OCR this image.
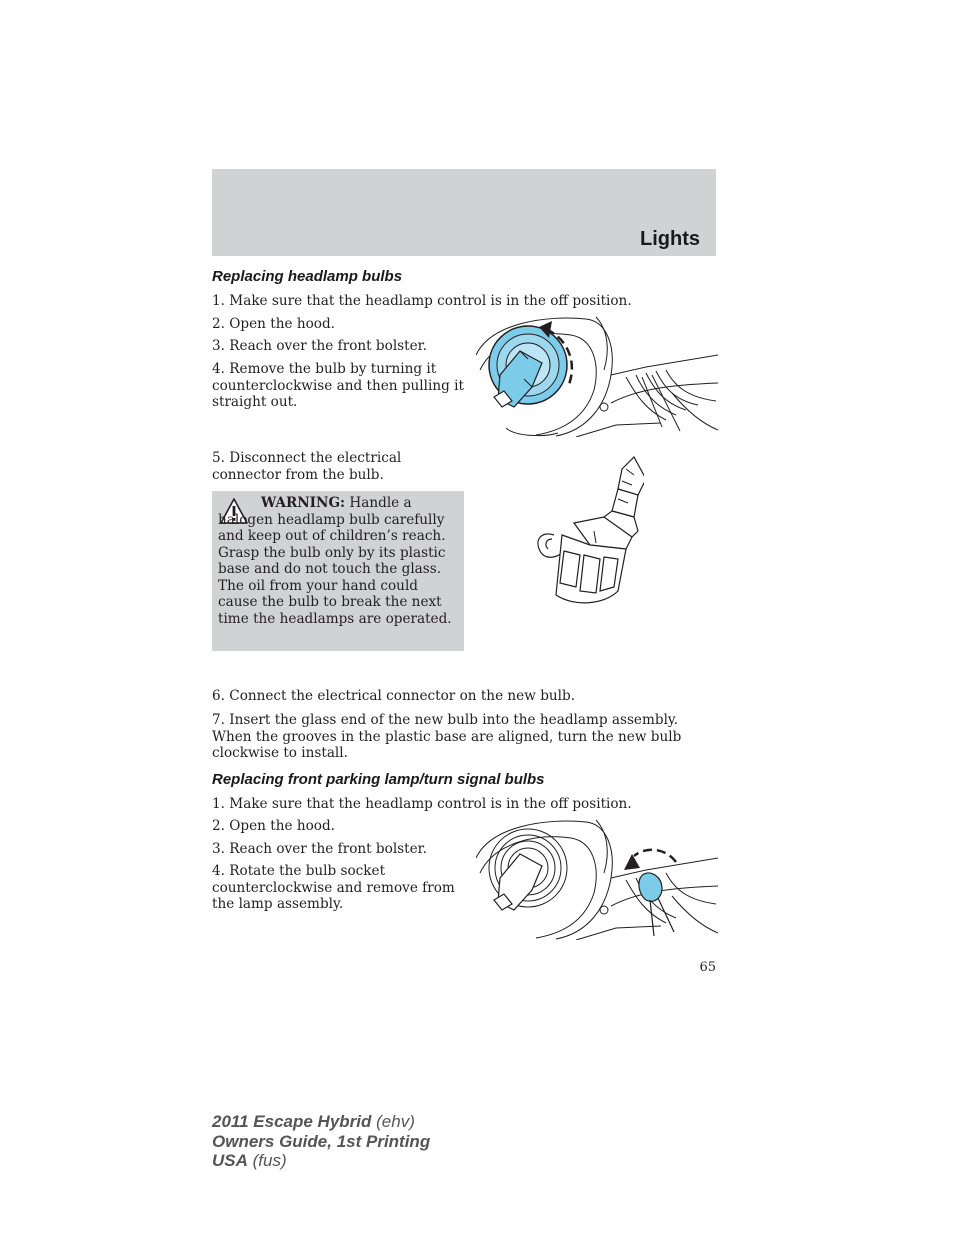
Lights
Replacing headlamp bulbs
1. Make sure that the headlamp control is in the off position.
2. Open the hood.
3. Reach over the front bolster.
4. Remove the bulb by turning it counterclockwise and then pulling it straight out.
5. Disconnect the electrical connector from the bulb.
WARNING: Handle a halogen headlamp bulb carefully and keep out of children’s reach. Grasp the bulb only by its plastic base and do not touch the glass. The oil from your hand could cause the bulb to break the next time the headlamps are operated.
6. Connect the electrical connector on the new bulb.
7. Insert the glass end of the new bulb into the headlamp assembly. When the grooves in the plastic base are aligned, turn the new bulb clockwise to install.
Replacing front parking lamp/turn signal bulbs
1. Make sure that the headlamp control is in the off position.
2. Open the hood.
3. Reach over the front bolster.
4. Rotate the bulb socket counterclockwise and remove from the lamp assembly.
65
2011 Escape Hybrid (ehv)
Owners Guide, 1st Printing
USA (fus)
